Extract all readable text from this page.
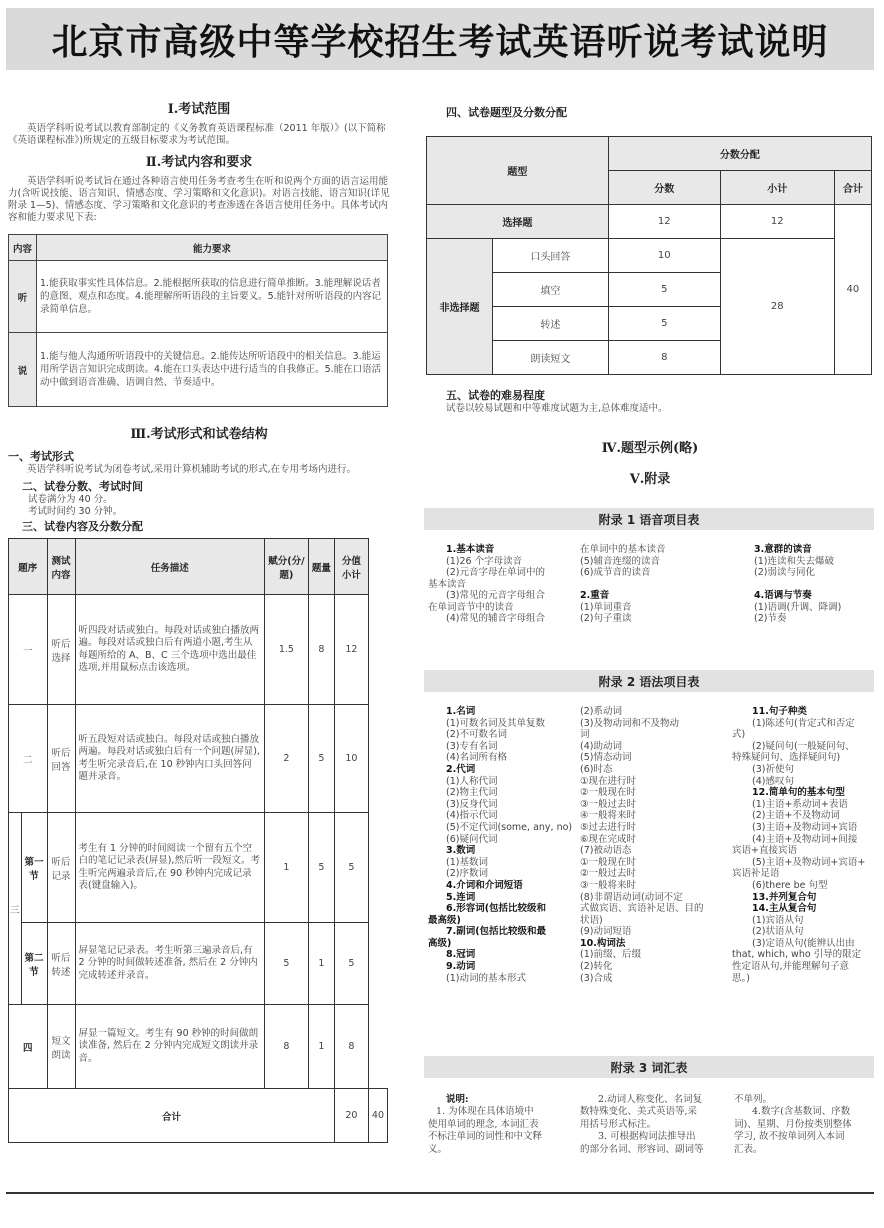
北京市高级中等学校招生考试英语听说考试说明
Ⅰ.考试范围
英语学科听说考试以教育部制定的《义务教育英语课程标准（2011 年版）》(以下简称《英语课程标准》)所规定的五级目标要求为考试范围。
Ⅱ.考试内容和要求
英语学科听说考试旨在通过各种语言使用任务考查考生在听和说两个方面的语言运用能力(含听说技能、语言知识、情感态度、学习策略和文化意识)。对语言技能、语言知识(详见附录 1—5)、情感态度、学习策略和文化意识的考查渗透在各语言使用任务中。具体考试内容和能力要求见下表:
内容	能力要求
听	1.能获取事实性具体信息。2.能根据所获取的信息进行简单推断。3.能理解说话者的意图、观点和态度。4.能理解所听语段的主旨要义。5.能针对所听语段的内容记录简单信息。
说	1.能与他人沟通所听语段中的关键信息。2.能传达所听语段中的相关信息。3.能运用所学语言知识完成朗读。4.能在口头表达中进行适当的自我修正。5.能在口语活动中做到语音准确、语调自然、节奏适中。
Ⅲ.考试形式和试卷结构
一、考试形式
英语学科听说考试为闭卷考试,采用计算机辅助考试的形式,在专用考场内进行。
二、试卷分数、考试时间
试卷满分为 40 分。
考试时间约 30 分钟。
三、试卷内容及分数分配
题序		测试内容	任务描述	赋分(分/题)	题量	分值小计	
一		听后选择	听四段对话或独白。每段对话或独白播放两遍。每段对话或独白后有两道小题,考生从每题所给的 A、B、C 三个选项中选出最佳选项,并用鼠标点击该选项。	1.5	8	12	
二		听后回答	听五段短对话或独白。每段对话或独白播放两遍。每段对话或独白后有一个问题(屏显),考生听完录音后,在 10 秒钟内口头回答问题并录音。	2	5	10	
三	第一节	听后记录	考生有 1 分钟的时间阅读一个留有五个空白的笔记记录表(屏显),然后听一段短文。考生听完两遍录音后,在 90 秒钟内完成记录表(键盘输入)。	1	5	5	
	第二节	听后转述	屏显笔记记录表。考生听第三遍录音后,有 2 分钟的时间做转述准备, 然后在 2 分钟内完成转述并录音。	5	1	5	
四		短文朗读	屏显一篇短文。考生有 90 秒钟的时间做朗读准备, 然后在 2 分钟内完成短文朗读并录音。	8	1	8	
合计						20	40
四、试卷题型及分数分配
题型		分数分配		
		分数	小计	合计
选择题		12	12	40
非选择题	口头回答	10	28	
	填空	5		
	转述	5		
	朗读短文	8		
五、试卷的难易程度
试卷以较易试题和中等难度试题为主,总体难度适中。
Ⅳ.题型示例(略)
Ⅴ.附录
附录 1 语音项目表
1.基本读音
(1)26 个字母读音
(2)元音字母在单词中的
基本读音
(3)常见的元音字母组合
在单词音节中的读音
(4)常见的辅音字母组合
在单词中的基本读音
(5)辅音连缀的读音
(6)成节音的读音
2.重音
(1)单词重音
(2)句子重读
3.意群的读音
(1)连读和失去爆破
(2)弱读与同化
4.语调与节奏
(1)语调(升调、降调)
(2)节奏
附录 2 语法项目表
1.名词
(1)可数名词及其单复数
(2)不可数名词
(3)专有名词
(4)名词所有格
2.代词
(1)人称代词
(2)物主代词
(3)反身代词
(4)指示代词
(5)不定代词(some, any, no)
(6)疑问代词
3.数词
(1)基数词
(2)序数词
4.介词和介词短语
5.连词
6.形容词(包括比较级和
最高级)
7.副词(包括比较级和最
高级)
8.冠词
9.动词
(1)动词的基本形式
(2)系动词
(3)及物动词和不及物动
词
(4)助动词
(5)情态动词
(6)时态
①现在进行时
②一般现在时
③一般过去时
④一般将来时
⑤过去进行时
⑥现在完成时
(7)被动语态
①一般现在时
②一般过去时
③一般将来时
(8)非谓语动词(动词不定
式做宾语、宾语补足语、目的
状语)
(9)动词短语
10.构词法
(1)前缀、后缀
(2)转化
(3)合成
11.句子种类
(1)陈述句(肯定式和否定
式)
(2)疑问句(一般疑问句、
特殊疑问句、选择疑问句)
(3)祈使句
(4)感叹句
12.简单句的基本句型
(1)主语+系动词+表语
(2)主语+不及物动词
(3)主语+及物动词+宾语
(4)主语+及物动词+间接
宾语+直接宾语
(5)主语+及物动词+宾语+
宾语补足语
(6)there be 句型
13.并列复合句
14.主从复合句
(1)宾语从句
(2)状语从句
(3)定语从句(能辨认出由
that, which, who 引导的限定
性定语从句,并能理解句子意
思。)
附录 3 词汇表
说明:
1. 为体现在具体语境中
使用单词的理念, 本词汇表
不标注单词的词性和中文释
义。
2.动词人称变化、名词复
数特殊变化、美式英语等,采
用括号形式标注。
3. 可根据构词法推导出
的部分名词、形容词、副词等
不单列。
4.数字(含基数词、序数
词)、星期、月份按类别整体
学习, 故不按单词列入本词
汇表。
